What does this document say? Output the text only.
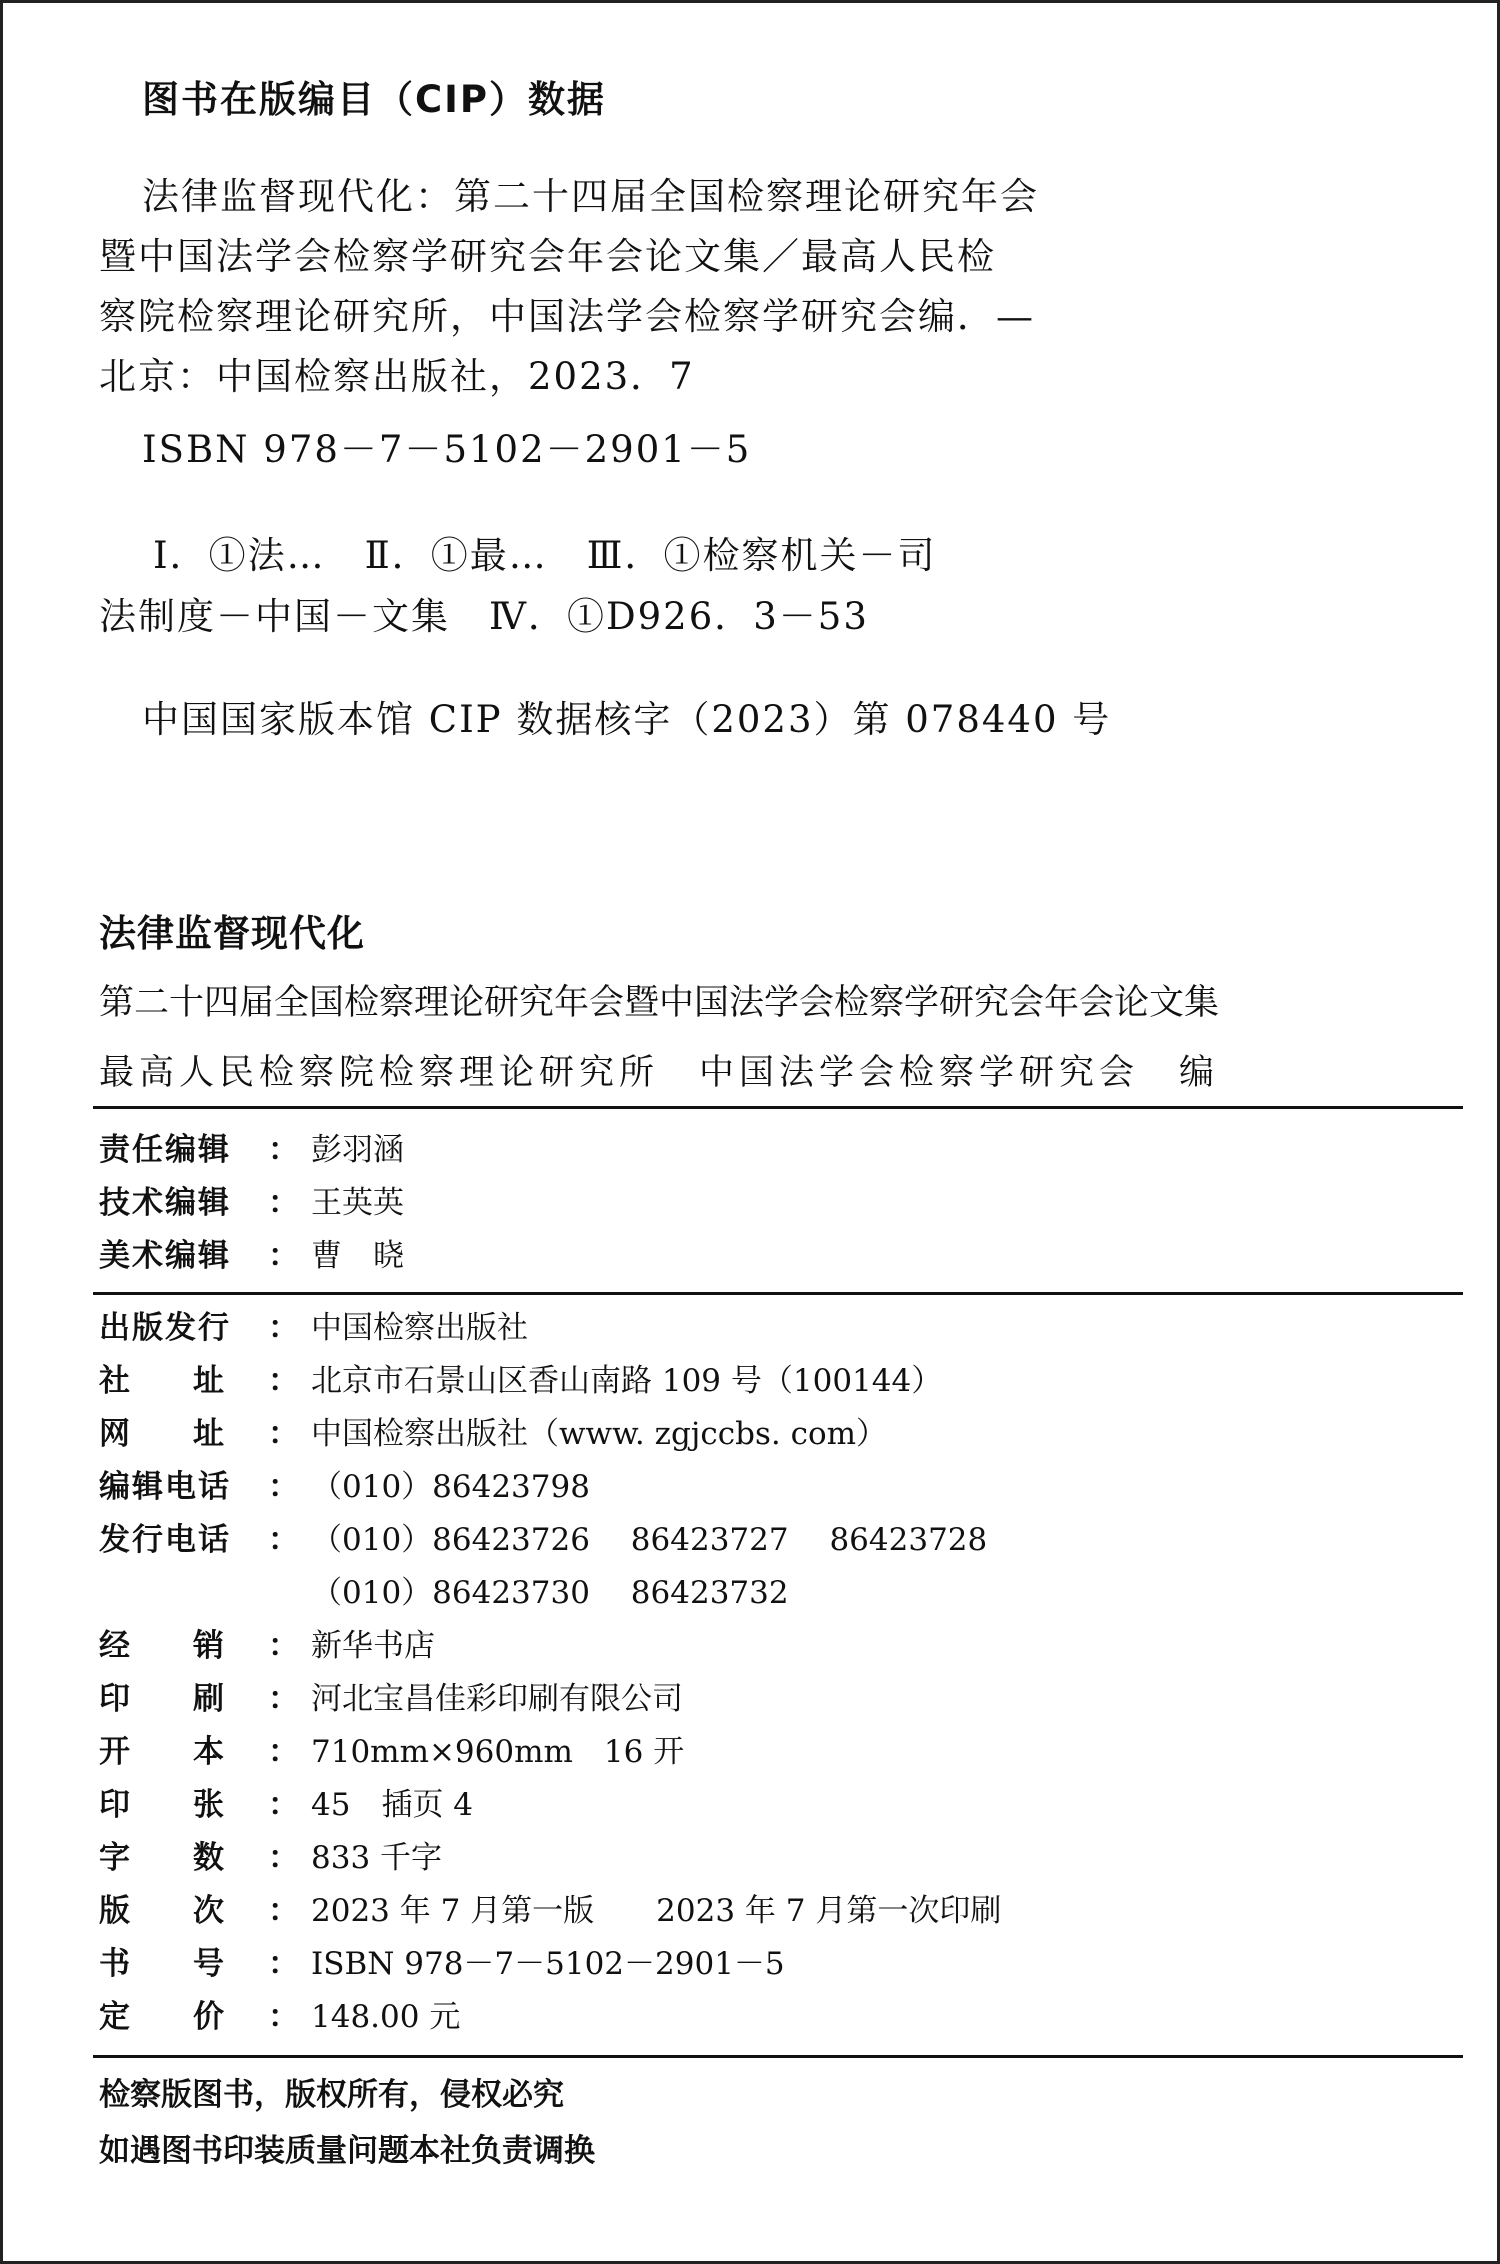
图书在版编目（CIP）数据
法律监督现代化：第二十四届全国检察理论研究年会
暨中国法学会检察学研究会年会论文集／最高人民检
察院检察理论研究所，中国法学会检察学研究会编．—
北京：中国检察出版社，2023．7
ISBN 978－7－5102－2901－5
Ⅰ．①法…　Ⅱ．①最…　Ⅲ．①检察机关－司
法制度－中国－文集　Ⅳ．①D926．3－53
中国国家版本馆 CIP 数据核字（2023）第 078440 号
法律监督现代化
第二十四届全国检察理论研究年会暨中国法学会检察学研究会年会论文集
最高人民检察院检察理论研究所　中国法学会检察学研究会　编
责任编辑	： 彭羽涵
技术编辑	： 王英英
美术编辑	： 曹　晓
出版发行	： 中国检察出版社
社 址 ： 北京市石景山区香山南路 109 号（100144）
网 址 ： 中国检察出版社（www. zgjccbs. com）
编辑电话	： （010）86423798
发行电话	： （010）86423726　 86423727　 86423728
（010）86423730　 86423732
经 销 ： 新华书店
印 刷 ： 河北宝昌佳彩印刷有限公司
开 本 ： 710mm×960mm　16 开
印 张 ： 45　插页 4
字 数 ： 833 千字
版 次 ： 2023 年 7 月第一版　　2023 年 7 月第一次印刷
书 号 ： ISBN 978－7－5102－2901－5
定 价 ： 148.00 元
检察版图书，版权所有，侵权必究
如遇图书印装质量问题本社负责调换
